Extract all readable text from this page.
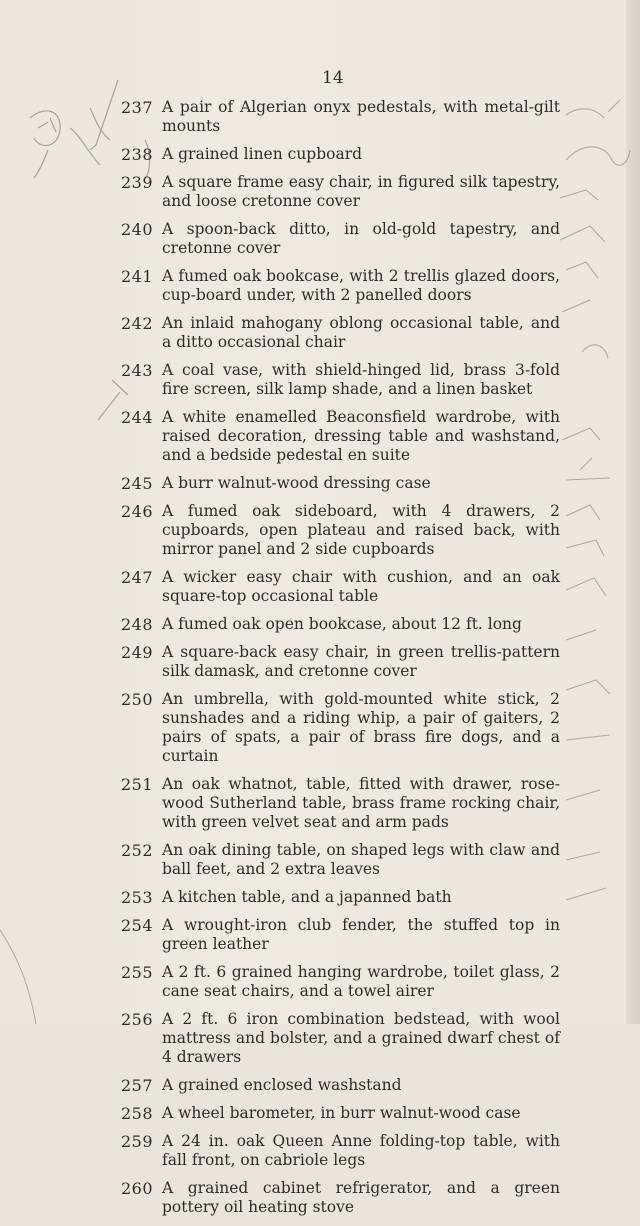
14
237 A pair of Algerian onyx pedestals, with metal-gilt mounts
238 A grained linen cupboard
239 A square frame easy chair, in figured silk tapestry, and loose cretonne cover
240 A spoon-back ditto, in old-gold tapestry, and cretonne cover
241 A fumed oak bookcase, with 2 trellis glazed doors, cup-board under, with 2 panelled doors
242 An inlaid mahogany oblong occasional table, and a ditto occasional chair
243 A coal vase, with shield-hinged lid, brass 3-fold fire screen, silk lamp shade, and a linen basket
244 A white enamelled Beaconsfield wardrobe, with raised decoration, dressing table and washstand, and a bedside pedestal en suite
245 A burr walnut-wood dressing case
246 A fumed oak sideboard, with 4 drawers, 2 cupboards, open plateau and raised back, with mirror panel and 2 side cupboards
247 A wicker easy chair with cushion, and an oak square-top occasional table
248 A fumed oak open bookcase, about 12 ft. long
249 A square-back easy chair, in green trellis-pattern silk damask, and cretonne cover
250 An umbrella, with gold-mounted white stick, 2 sunshades and a riding whip, a pair of gaiters, 2 pairs of spats, a pair of brass fire dogs, and a curtain
251 An oak whatnot, table, fitted with drawer, rose-wood Sutherland table, brass frame rocking chair, with green velvet seat and arm pads
252 An oak dining table, on shaped legs with claw and ball feet, and 2 extra leaves
253 A kitchen table, and a japanned bath
254 A wrought-iron club fender, the stuffed top in green leather
255 A 2 ft. 6 grained hanging wardrobe, toilet glass, 2 cane seat chairs, and a towel airer
256 A 2 ft. 6 iron combination bedstead, with wool mattress and bolster, and a grained dwarf chest of 4 drawers
257 A grained enclosed washstand
258 A wheel barometer, in burr walnut-wood case
259 A 24 in. oak Queen Anne folding-top table, with fall front, on cabriole legs
260 A grained cabinet refrigerator, and a green pottery oil heating stove
